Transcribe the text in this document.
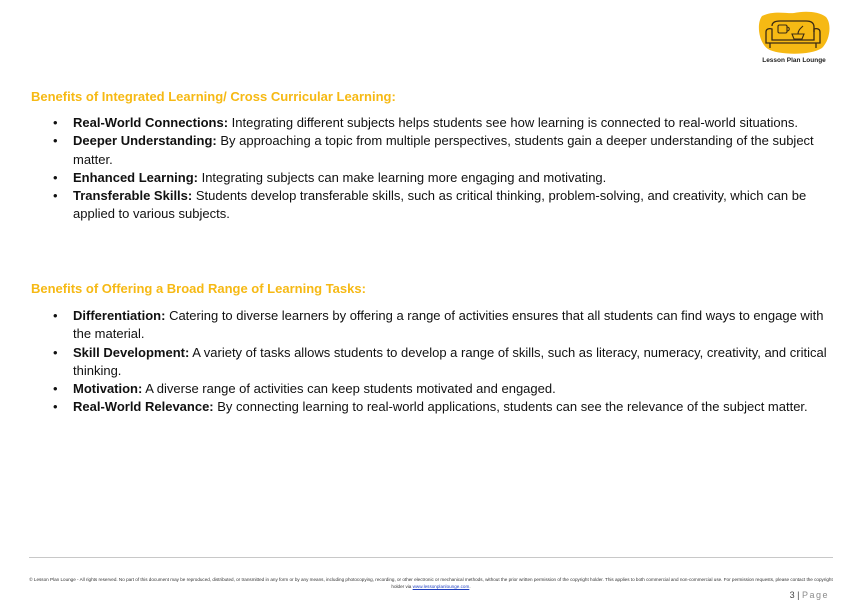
Lesson Plan Lounge
Benefits of Integrated Learning/ Cross Curricular Learning:
• Real-World Connections: Integrating different subjects helps students see how learning is connected to real-world situations.
• Deeper Understanding: By approaching a topic from multiple perspectives, students gain a deeper understanding of the subject matter.
• Enhanced Learning: Integrating subjects can make learning more engaging and motivating.
• Transferable Skills: Students develop transferable skills, such as critical thinking, problem-solving, and creativity, which can be applied to various subjects.
Benefits of Offering a Broad Range of Learning Tasks:
• Differentiation: Catering to diverse learners by offering a range of activities ensures that all students can find ways to engage with the material.
• Skill Development: A variety of tasks allows students to develop a range of skills, such as literacy, numeracy, creativity, and critical thinking.
• Motivation: A diverse range of activities can keep students motivated and engaged.
• Real-World Relevance: By connecting learning to real-world applications, students can see the relevance of the subject matter.
© Lesson Plan Lounge - All rights reserved. No part of this document may be reproduced, distributed, or transmitted in any form or by any means, including photocopying, recording, or other electronic or mechanical methods, without the prior written permission of the copyright holder. This applies to both commercial and non-commercial use. For permission requests, please contact the copyright holder via www.lessonplanlounge.com.
3 | Page
